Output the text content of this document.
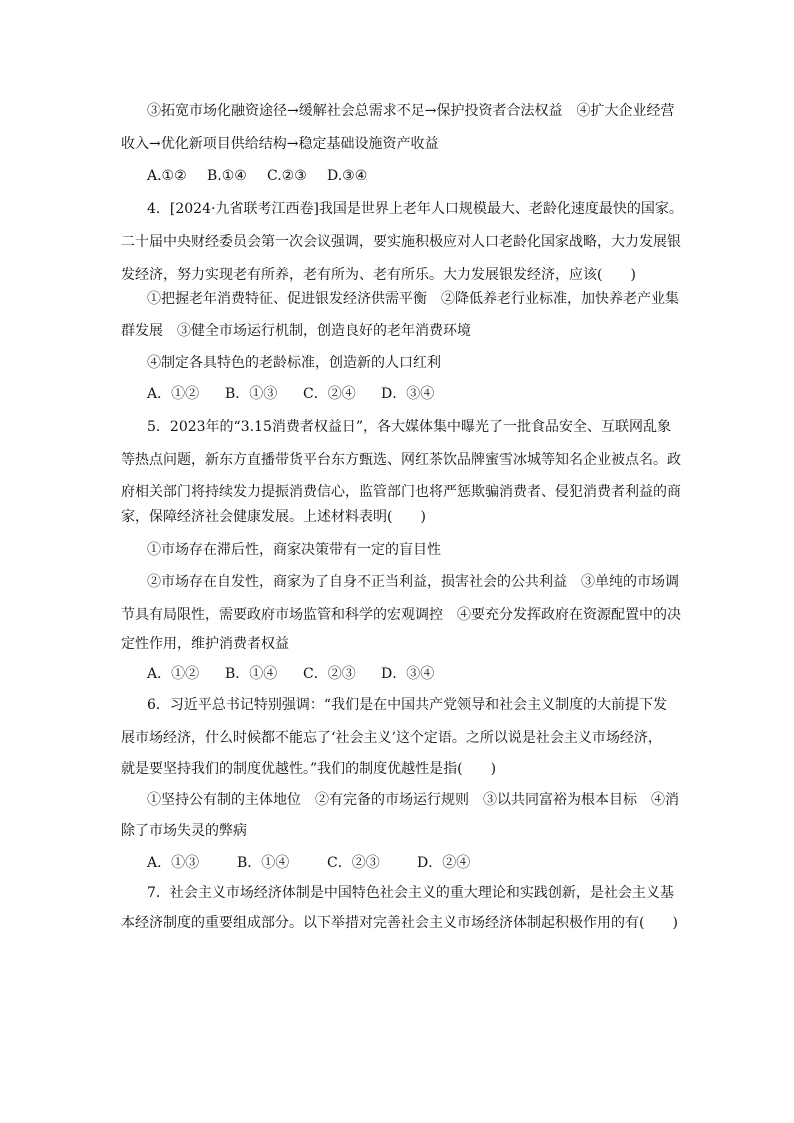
③拓宽市场化融资途径→缓解社会总需求不足→保护投资者合法权益　④扩大企业经营
收入→优化新项目供给结构→稳定基础设施资产收益
A.①② B.①④ C.②③ D.③④
4．[2024·九省联考江西卷]我国是世界上老年人口规模最大、老龄化速度最快的国家。
二十届中央财经委员会第一次会议强调，要实施积极应对人口老龄化国家战略，大力发展银
发经济，努力实现老有所养，老有所为、老有所乐。大力发展银发经济，应该(　　)
①把握老年消费特征、促进银发经济供需平衡　②降低养老行业标准，加快养老产业集
群发展　③健全市场运行机制，创造良好的老年消费环境
④制定各具特色的老龄标准，创造新的人口红利
A．①② B．①③ C．②④ D．③④
5．2023年的“3.15消费者权益日”，各大媒体集中曝光了一批食品安全、互联网乱象
等热点问题，新东方直播带货平台东方甄选、网红茶饮品牌蜜雪冰城等知名企业被点名。政
府相关部门将持续发力提振消费信心，监管部门也将严惩欺骗消费者、侵犯消费者利益的商
家，保障经济社会健康发展。上述材料表明(　　)
①市场存在滞后性，商家决策带有一定的盲目性
②市场存在自发性，商家为了自身不正当利益，损害社会的公共利益　③单纯的市场调
节具有局限性，需要政府市场监管和科学的宏观调控　④要充分发挥政府在资源配置中的决
定性作用，维护消费者权益
A．①② B．①④ C．②③ D．③④
6．习近平总书记特别强调：“我们是在中国共产党领导和社会主义制度的大前提下发
展市场经济，什么时候都不能忘了‘社会主义’这个定语。之所以说是社会主义市场经济，
就是要坚持我们的制度优越性。”我们的制度优越性是指(　　)
①坚持公有制的主体地位　②有完备的市场运行规则　③以共同富裕为根本目标　④消
除了市场失灵的弊病
A．①③	B．①④	C．②③	D．②④
7．社会主义市场经济体制是中国特色社会主义的重大理论和实践创新，是社会主义基
本经济制度的重要组成部分。以下举措对完善社会主义市场经济体制起积极作用的有(　　)
